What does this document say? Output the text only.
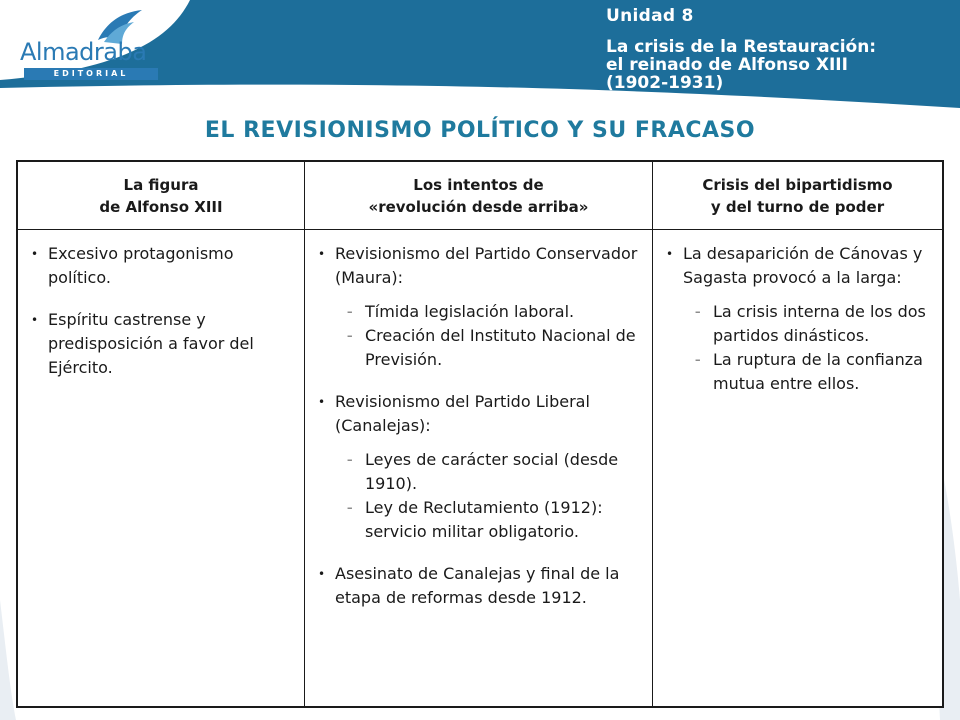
Almadraba
EDITORIAL
Unidad 8
La crisis de la Restauración:
el reinado de Alfonso XIII
(1902-1931)
EL REVISIONISMO POLÍTICO Y SU FRACASO
La figura
de Alfonso XIII
Los intentos de
«revolución desde arriba»
Crisis del bipartidismo
y del turno de poder
• Excesivo protagonismo político.
• Espíritu castrense y predisposición a favor del Ejército.
• Revisionismo del Partido Conservador (Maura):
– Tímida legislación laboral.
– Creación del Instituto Nacional de Previsión.
• Revisionismo del Partido Liberal (Canalejas):
– Leyes de carácter social (desde 1910).
– Ley de Reclutamiento (1912): servicio militar obligatorio.
• Asesinato de Canalejas y final de la etapa de reformas desde 1912.
• La desaparición de Cánovas y Sagasta provocó a la larga:
– La crisis interna de los dos partidos dinásticos.
– La ruptura de la confianza mutua entre ellos.
